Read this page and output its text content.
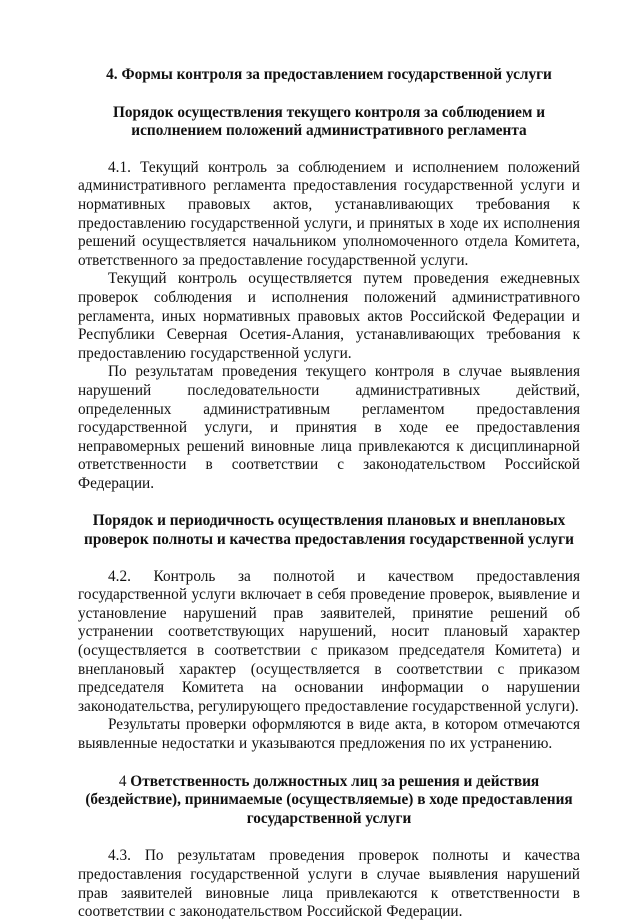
4. Формы контроля за предоставлением государственной услуги
Порядок осуществления текущего контроля за соблюдением и исполнением положений административного регламента

4.1. Текущий контроль за соблюдением и исполнением положений административного регламента предоставления государственной услуги и нормативных правовых актов, устанавливающих требования к предоставлению государственной услуги, и принятых в ходе их исполнения решений осуществляется начальником уполномоченного отдела Комитета, ответственного за предоставление государственной услуги.

Текущий контроль осуществляется путем проведения ежедневных проверок соблюдения и исполнения положений административного регламента, иных нормативных правовых актов Российской Федерации и Республики Северная Осетия-Алания, устанавливающих требования к предоставлению государственной услуги.

По результатам проведения текущего контроля в случае выявления нарушений последовательности административных действий, определенных административным регламентом предоставления государственной услуги, и принятия в ходе ее предоставления неправомерных решений виновные лица привлекаются к дисциплинарной ответственности в соответствии с законодательством Российской Федерации.

Порядок и периодичность осуществления плановых и внеплановых проверок полноты и качества предоставления государственной услуги

4.2. Контроль за полнотой и качеством предоставления государственной услуги включает в себя проведение проверок, выявление и установление нарушений прав заявителей, принятие решений об устранении соответствующих нарушений, носит плановый характер (осуществляется в соответствии с приказом председателя Комитета) и внеплановый характер (осуществляется в соответствии с приказом председателя Комитета на основании информации о нарушении законодательства, регулирующего предоставление государственной услуги).

Результаты проверки оформляются в виде акта, в котором отмечаются выявленные недостатки и указываются предложения по их устранению.

4 Ответственность должностных лиц за решения и действия (бездействие), принимаемые (осуществляемые) в ходе предоставления государственной услуги

4.3. По результатам проведения проверок полноты и качества предоставления государственной услуги в случае выявления нарушений прав заявителей виновные лица привлекаются к ответственности в соответствии с законодательством Российской Федерации.
